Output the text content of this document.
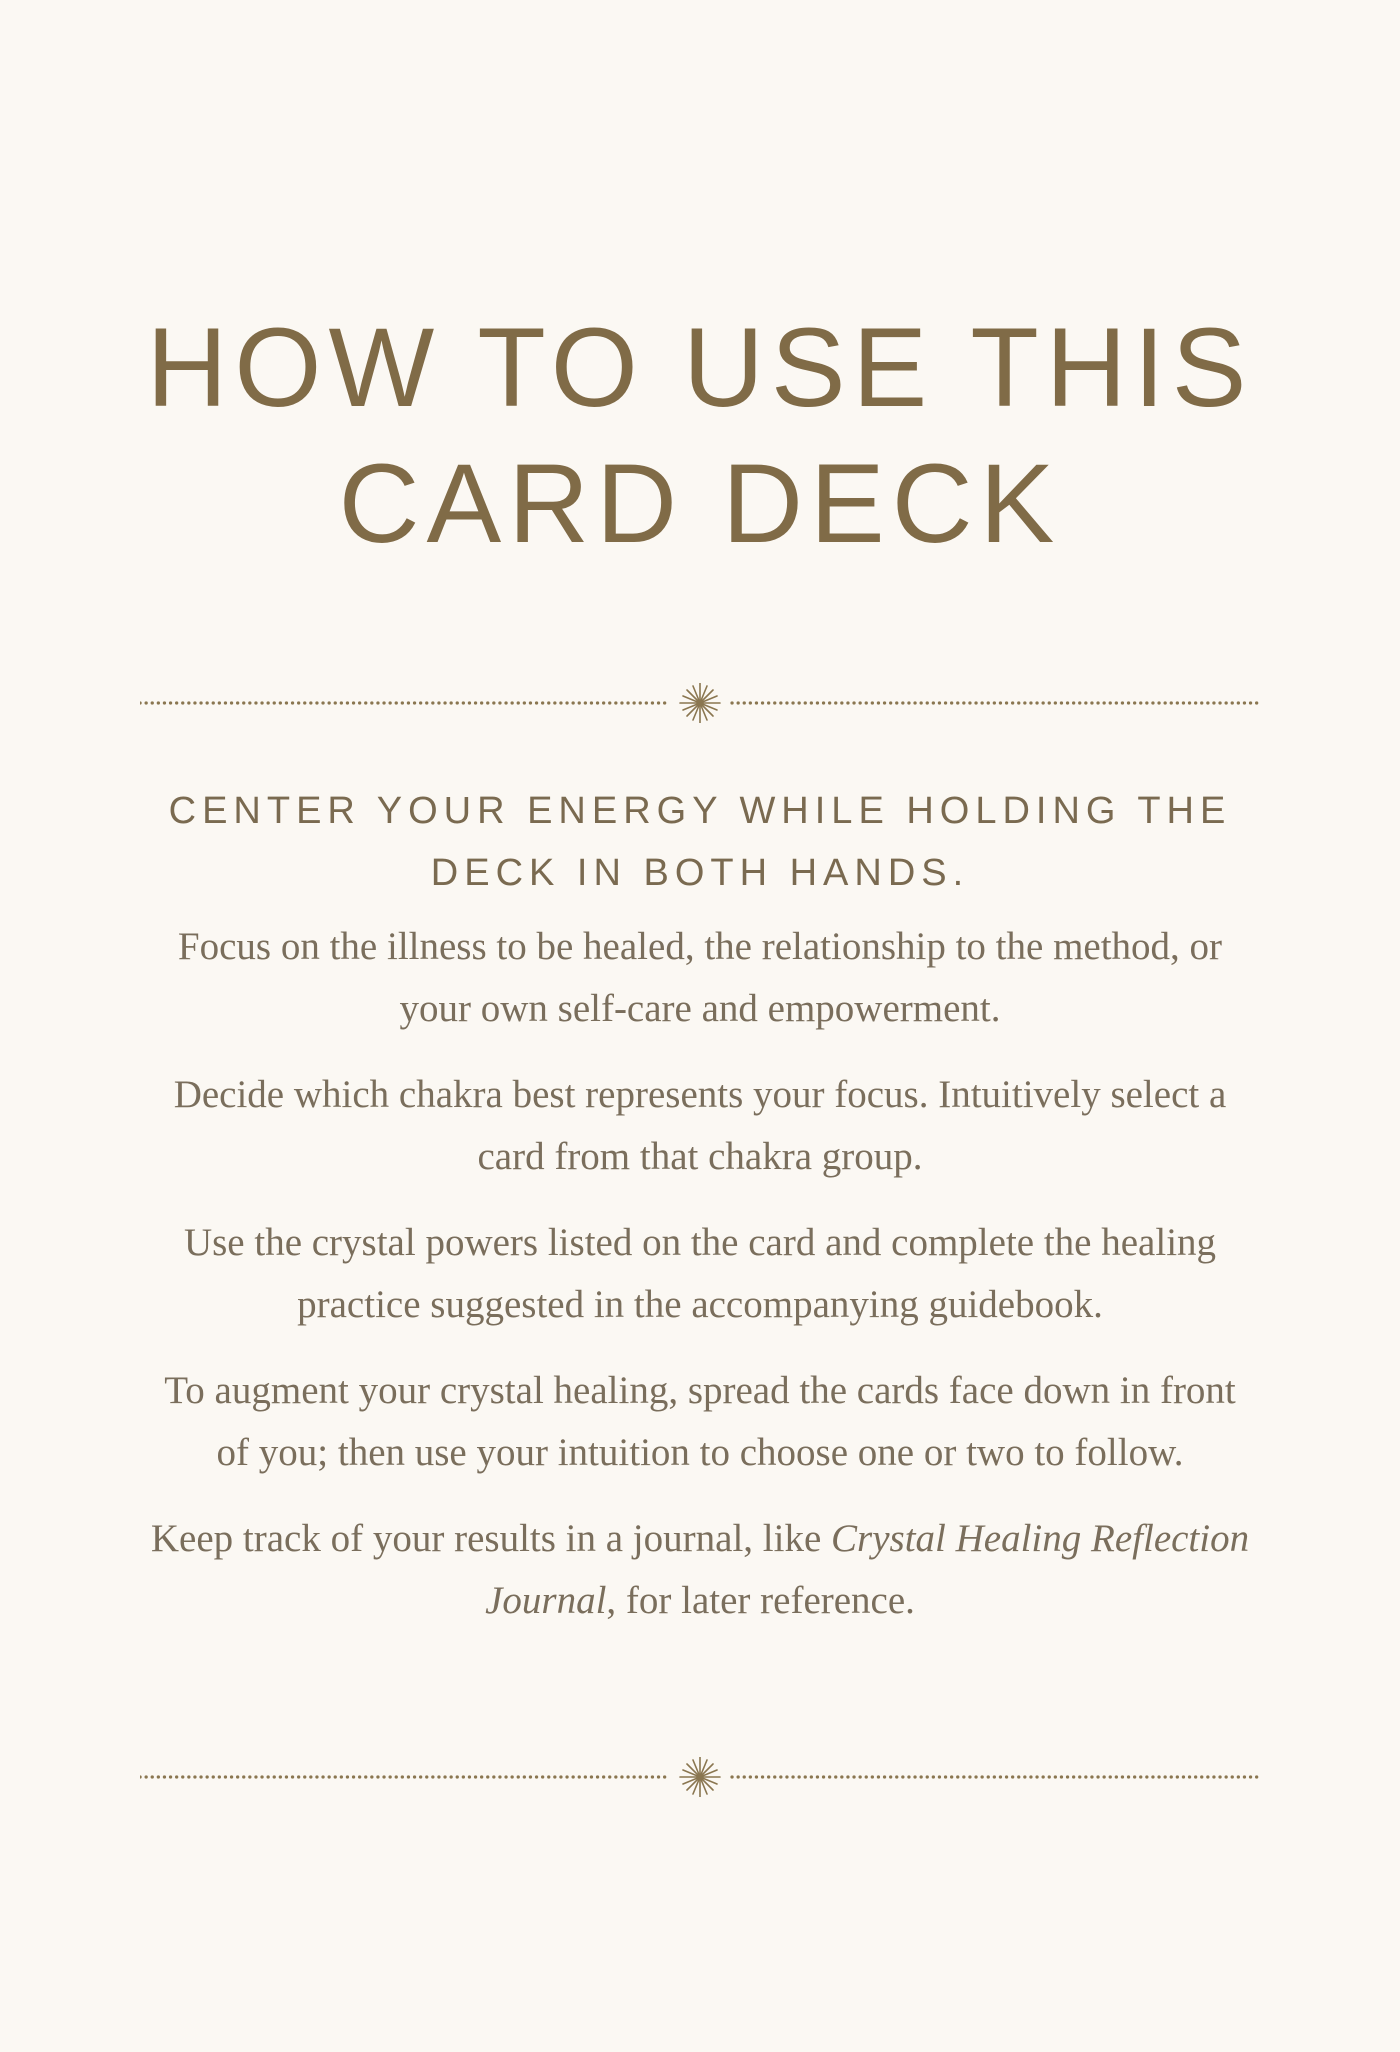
HOW TO USE THIS
CARD DECK
CENTER YOUR ENERGY WHILE HOLDING THE
DECK IN BOTH HANDS.

Focus on the illness to be healed, the relationship to the method, or your own self-care and empowerment.

Decide which chakra best represents your focus. Intuitively select a card from that chakra group.

Use the crystal powers listed on the card and complete the healing practice suggested in the accompanying guidebook.

To augment your crystal healing, spread the cards face down in front of you; then use your intuition to choose one or two to follow.

Keep track of your results in a journal, like Crystal Healing Reflection Journal, for later reference.
